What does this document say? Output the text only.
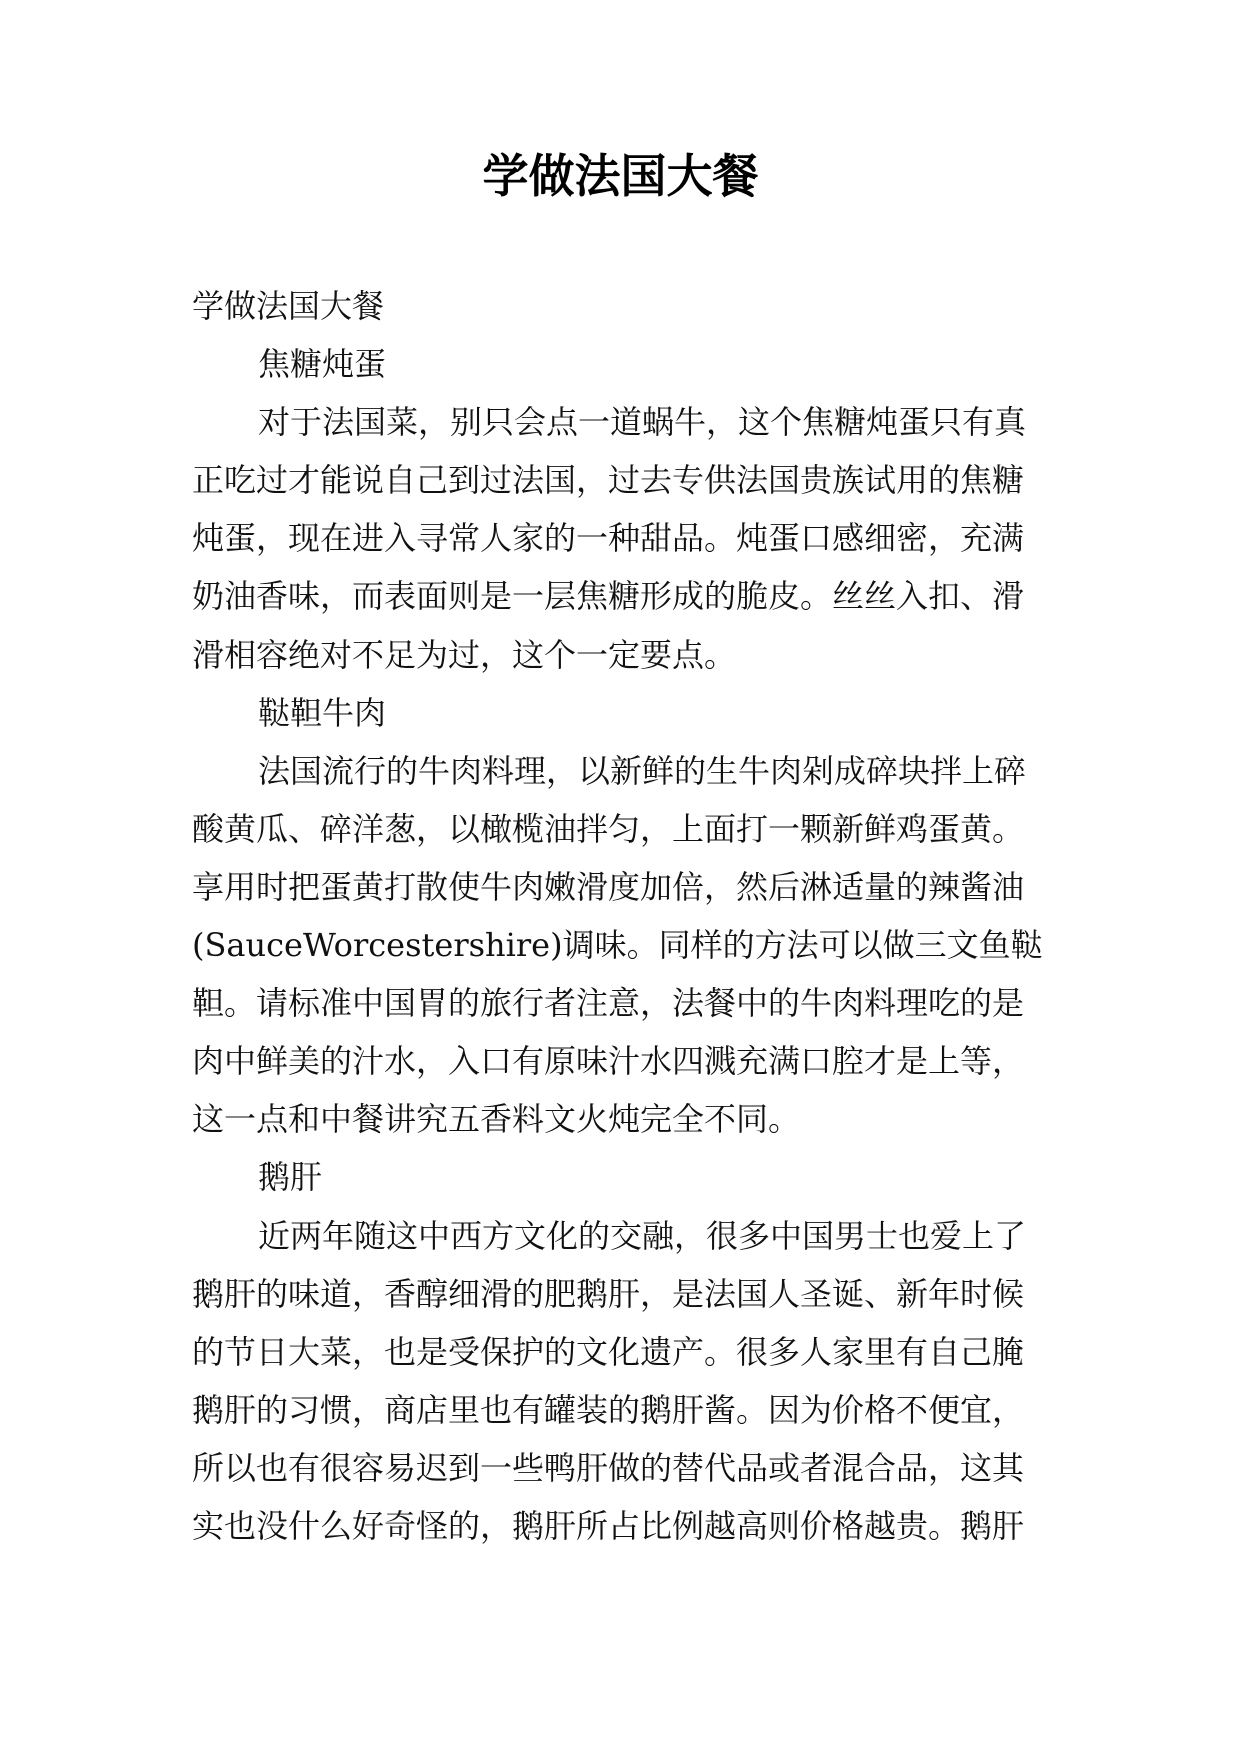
学做法国大餐

学做法国大餐

焦糖炖蛋

对于法国菜，别只会点一道蜗牛，这个焦糖炖蛋只有真

正吃过才能说自己到过法国，过去专供法国贵族试用的焦糖

炖蛋，现在进入寻常人家的一种甜品。炖蛋口感细密，充满

奶油香味，而表面则是一层焦糖形成的脆皮。丝丝入扣、滑

滑相容绝对不足为过，这个一定要点。

鞑靼牛肉

法国流行的牛肉料理，以新鲜的生牛肉剁成碎块拌上碎

酸黄瓜、碎洋葱，以橄榄油拌匀，上面打一颗新鲜鸡蛋黄。

享用时把蛋黄打散使牛肉嫩滑度加倍，然后淋适量的辣酱油

(SauceWorcestershire)调味。同样的方法可以做三文鱼鞑

靼。请标准中国胃的旅行者注意，法餐中的牛肉料理吃的是

肉中鲜美的汁水，入口有原味汁水四溅充满口腔才是上等，

这一点和中餐讲究五香料文火炖完全不同。

鹅肝

近两年随这中西方文化的交融，很多中国男士也爱上了

鹅肝的味道，香醇细滑的肥鹅肝，是法国人圣诞、新年时候

的节日大菜，也是受保护的文化遗产。很多人家里有自己腌

鹅肝的习惯，商店里也有罐装的鹅肝酱。因为价格不便宜，

所以也有很容易迟到一些鸭肝做的替代品或者混合品，这其

实也没什么好奇怪的，鹅肝所占比例越高则价格越贵。鹅肝
